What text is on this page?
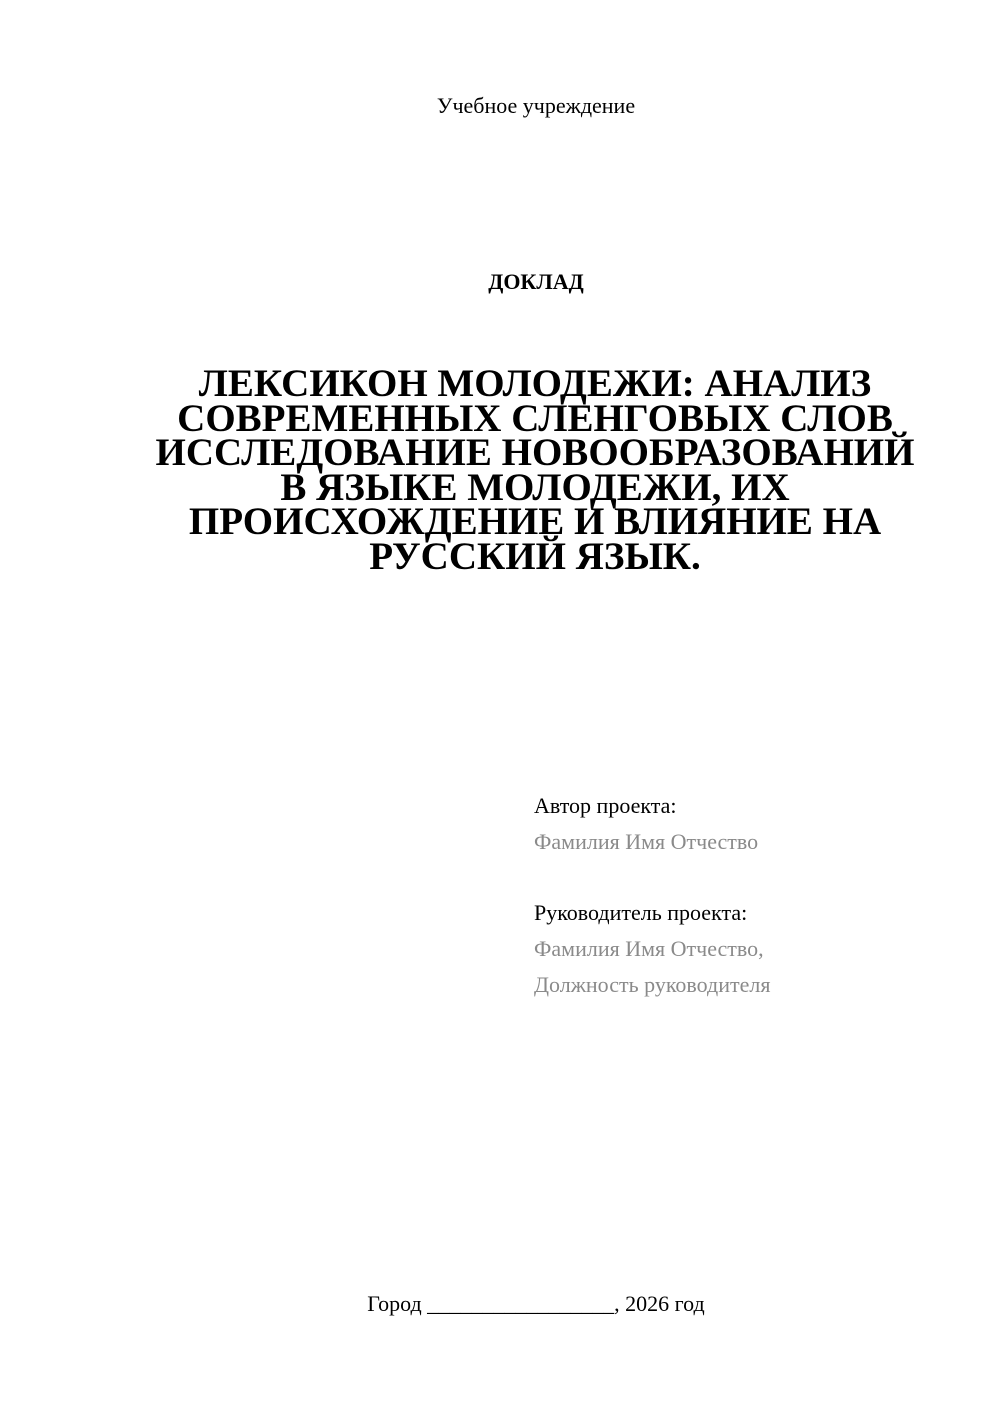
Учебное учреждение
ДОКЛАД
ЛЕКСИКОН МОЛОДЕЖИ: АНАЛИЗ
СОВРЕМЕННЫХ СЛЕНГОВЫХ СЛОВ
ИССЛЕДОВАНИЕ НОВООБРАЗОВАНИЙ
В ЯЗЫКЕ МОЛОДЕЖИ, ИХ
ПРОИСХОЖДЕНИЕ И ВЛИЯНИЕ НА
РУССКИЙ ЯЗЫК.
Автор проекта:
Фамилия Имя Отчество
Руководитель проекта:
Фамилия Имя Отчество,
Должность руководителя
Город _________________, 2026 год
